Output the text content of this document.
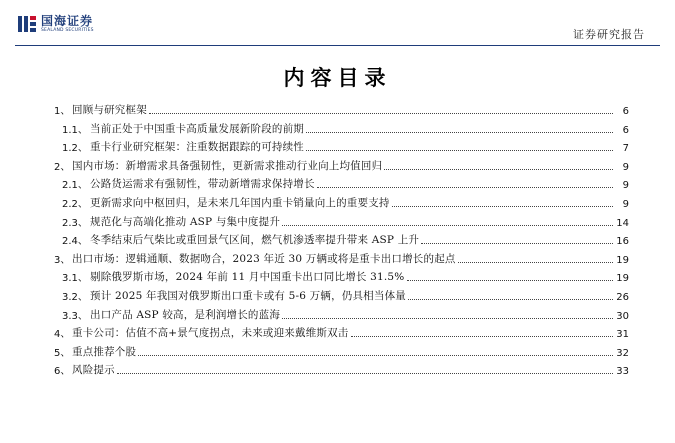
国海证券
SEALAND SECURITIES	证券研究报告
内容目录
1、 回顾与研究框架	6
1.1、 当前正处于中国重卡高质量发展新阶段的前期	6
1.2、 重卡行业研究框架：注重数据跟踪的可持续性	7
2、 国内市场：新增需求具备强韧性，更新需求推动行业向上均值回归	9
2.1、 公路货运需求有强韧性，带动新增需求保持增长	9
2.2、 更新需求向中枢回归，是未来几年国内重卡销量向上的重要支持	9
2.3、 规范化与高端化推动 ASP 与集中度提升	14
2.4、 冬季结束后气柴比或重回景气区间，燃气机渗透率提升带来 ASP 上升	16
3、 出口市场：逻辑通顺、数据吻合，2023 年近 30 万辆或将是重卡出口增长的起点	19
3.1、 剔除俄罗斯市场，2024 年前 11 月中国重卡出口同比增长 31.5%	19
3.2、 预计 2025 年我国对俄罗斯出口重卡或有 5-6 万辆，仍具相当体量	26
3.3、 出口产品 ASP 较高，是利润增长的蓝海	30
4、 重卡公司：估值不高+景气度拐点，未来或迎来戴维斯双击	31
5、 重点推荐个股	32
6、 风险提示	33
